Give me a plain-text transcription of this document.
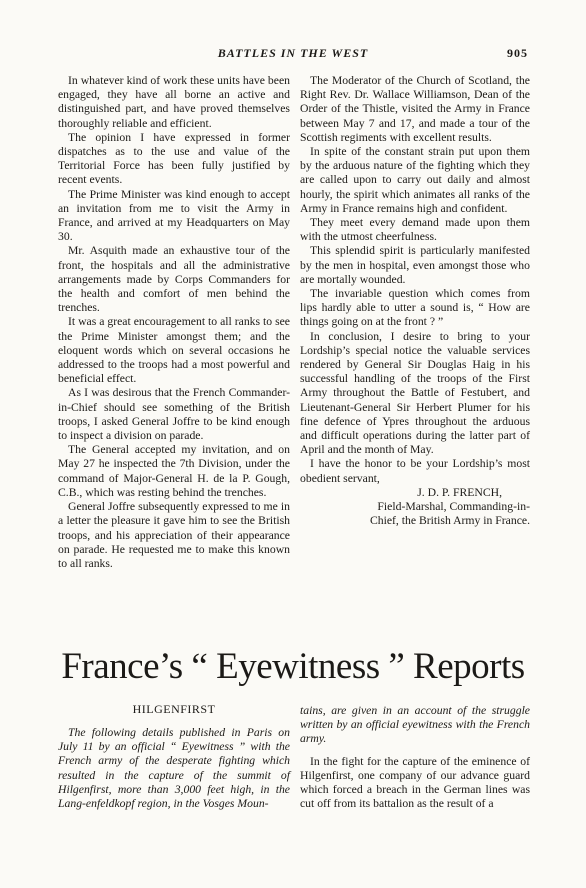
BATTLES IN THE WEST	905

In whatever kind of work these units have been engaged, they have all borne an active and distinguished part, and have proved themselves thoroughly reliable and efficient.

The opinion I have expressed in former dispatches as to the use and value of the Territorial Force has been fully justified by recent events.

The Prime Minister was kind enough to accept an invitation from me to visit the Army in France, and arrived at my Headquarters on May 30.

Mr. Asquith made an exhaustive tour of the front, the hospitals and all the administrative arrangements made by Corps Commanders for the health and comfort of men behind the trenches.

It was a great encouragement to all ranks to see the Prime Minister amongst them; and the eloquent words which on several occasions he addressed to the troops had a most powerful and beneficial effect.

As I was desirous that the French Commander-in-Chief should see something of the British troops, I asked General Joffre to be kind enough to inspect a division on parade.

The General accepted my invitation, and on May 27 he inspected the 7th Division, under the command of Major-General H. de la P. Gough, C.B., which was resting behind the trenches.

General Joffre subsequently expressed to me in a letter the pleasure it gave him to see the British troops, and his appreciation of their appearance on parade. He requested me to make this known to all ranks.

The Moderator of the Church of Scotland, the Right Rev. Dr. Wallace Williamson, Dean of the Order of the Thistle, visited the Army in France between May 7 and 17, and made a tour of the Scottish regiments with excellent results.

In spite of the constant strain put upon them by the arduous nature of the fighting which they are called upon to carry out daily and almost hourly, the spirit which animates all ranks of the Army in France remains high and confident.

They meet every demand made upon them with the utmost cheerfulness.

This splendid spirit is particularly manifested by the men in hospital, even amongst those who are mortally wounded.

The invariable question which comes from lips hardly able to utter a sound is, “ How are things going on at the front ? ”

In conclusion, I desire to bring to your Lordship’s special notice the valuable services rendered by General Sir Douglas Haig in his successful handling of the troops of the First Army throughout the Battle of Festubert, and Lieutenant-General Sir Herbert Plumer for his fine defence of Ypres throughout the arduous and difficult operations during the latter part of April and the month of May.

I have the honor to be your Lordship’s most obedient servant,

J. D. P. FRENCH,

Field-Marshal, Commanding-in-

Chief, the British Army in France.

France’s “ Eyewitness ” Reports
HILGENFIRST

The following details published in Paris on July 11 by an official “ Eyewitness ” with the French army of the desperate fighting which resulted in the capture of the summit of Hilgenfirst, more than 3,000 feet high, in the Lang-enfeldkopf region, in the Vosges Moun-

tains, are given in an account of the struggle written by an official eyewitness with the French army.

In the fight for the capture of the eminence of Hilgenfirst, one company of our advance guard which forced a breach in the German lines was cut off from its battalion as the result of a
